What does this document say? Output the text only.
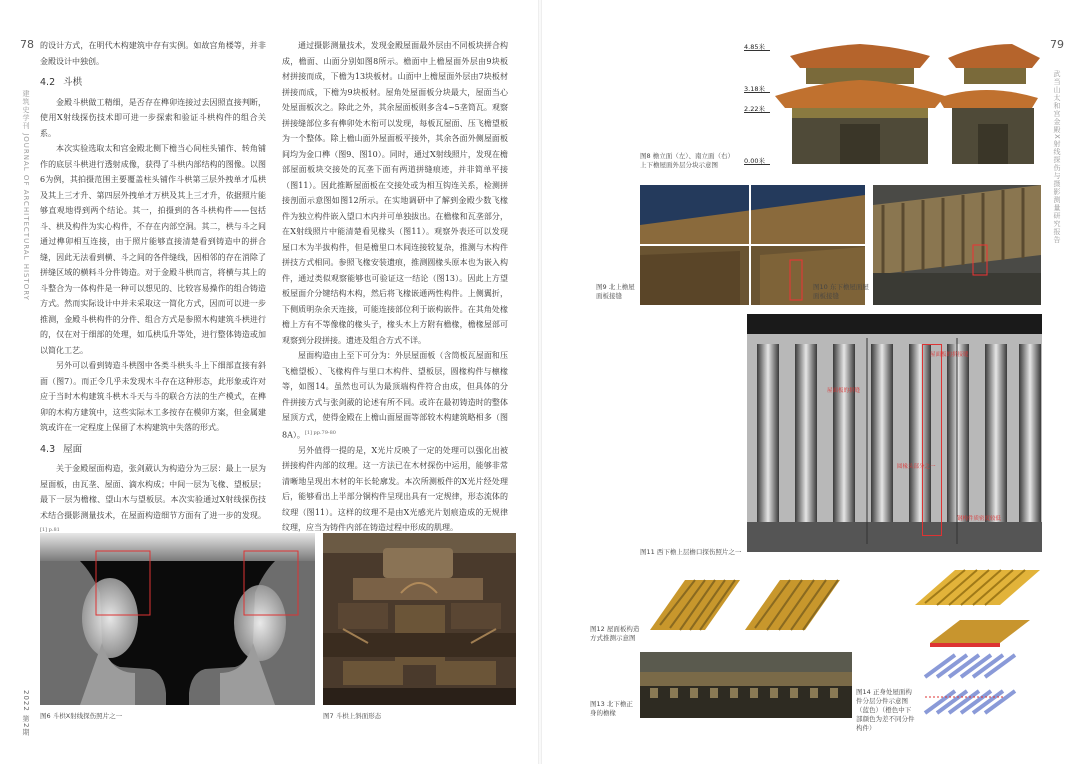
78
建筑史学刊 JOURNAL OF ARCHITECTURAL HISTORY
2022 第2期

的设计方式，在明代木构建筑中存有实例。如故宫角楼等，并非金殿设计中独创。

4.2 斗栱

金殿斗栱做工精细，是否存在榫卯连接过去因照直接判断，使用X射线探伤技术即可进一步探索和验证斗栱构件的组合关系。

本次实验选取太和宫金殿北侧下檐当心间柱头铺作、转角铺作的底层斗栱进行透射成像，获得了斗栱内部结构的图像。以图6为例，其拍摄范围主要覆盖柱头铺作斗栱第三层外拽单才瓜栱及其上三才升、第四层外拽单才万栱及其上三才升，依据照片能够直观地得到两个结论。其一，拍摄到的各斗栱构件——包括斗、栱及构件为实心构件，不存在内部空洞。其二，栱与斗之间通过榫卯相互连接，由于照片能够直接清楚看到铸造中的拼合缝，因此无法看到横、斗之间的各件缝线，因相邻的存在消除了拼缝区域的横料斗分件铸造。对于金殿斗栱而言，将横与其上的斗整合为一体构件是一种可以想见的、比较容易操作的组合铸造方式。然而实际设计中并未采取这一简化方式，因而可以进一步推测，金殿斗栱构件的分件、组合方式是参照木构建筑斗栱进行的，仅在对于细部的处理，如瓜栱瓜升等处，进行整体铸造或加以简化工艺。

另外可以看到铸造斗栱图中各类斗栱头斗上下细部直接有斜面（图7）。而正令几乎未发现木斗存在这种形态，此形象或许对应于当时木构建筑斗栱木斗天与斗的联合方法的生产模式，在榫卯的木构方建筑中，这些实际木工多按存在模卯方案，但金属建筑或许在一定程度上保留了木构建筑中失落的形式。

4.3 屋面

关于金殿屋面构造，张剑葳认为构造分为三层：最上一层为屋面板，由瓦垄、屋面、滴水构成；中间一层为飞椽、望板层；最下一层为檐椽、望山木与望板层。本次实验通过X射线探伤技术结合摄影测量技术，在屋面构造细节方面有了进一步的发现。$^{[1] p.81}$

通过摄影测量技术，发现金殿屋面最外层由不同板块拼合构成，檐面、山面分别如图8所示。檐面中上檐屋面外层由9块板材拼接而成，下檐为13块板材。山面中上檐屋面外层由7块板材拼接而成，下檐为9块板材。屋角处屋面板分块最大，屋面当心处屋面板次之。除此之外，其余屋面板则多含4~5垄筒瓦。观察拼接缝部位多有榫卯处木衔可以发现，每板瓦屋面、压飞檐望板为一个整体。除上檐山面外屋面板平接外，其余各面外侧屋面板间均为金口榫（图9、图10）。同时，通过X射线照片，发现在檐部屋面板块交接处的瓦垄下面有两道拼缝痕迹，并非简单平接（图11）。因此推断屋面板在交接处或为相互钩连关系，检测拼接剖面示意图如图12所示。在实地调研中了解到金殿少数飞椽件为独立构件嵌入望口木内并可单独拔出。在檐椽和瓦垄部分，在X射线照片中能清楚看见椽头（图11）。观察外表还可以发现屋口木为半拔构件，但是檐里口木间连接较复杂，推测与木构件拼技方式相同。参照飞椽安装遗痕，推测圆椽头原本也为嵌入构件，通过类似观察能够也可验证这一结论（图13）。因此上方望板屋面介分键结构木构，然后将飞椽嵌通两性构件。上侧翼折，下侧质明杂余天连接，可能连接部位利于嵌构嵌件。在其角处椽檐上方有不等像椽的椽头子，椽头木上方附有檐椽，檐椽屋部可观察到分段拼接。遗迹及组合方式不详。

屋面构造由上至下可分为：外层屋面板（含筒板瓦屋面和压飞檐望板）、飞椽构件与里口木构件、望板层，圆椽构件与檩椽等，如图14。虽然也可认为最顶端构件符合由成，但具体的分件拼接方式与张剑葳的论述有所不同。或许在最初铸造时的整体屋顶方式，使得金殿在上檐山面屋面等部较木构建筑略相多（图8A）。$^{[1] pp.79-80}$

另外值得一提的是，X光片反映了一定的处理可以强化出被拼接构件内部的纹理。这一方法已在木材探伤中运用，能够非常清晰地呈现出木材的年长轮廓发。本次所测板件的X光片经处理后，能够看出上半部分铜构件呈现出具有一定规律，形态流体的纹理（图11）。这样的纹理不是由X光感光片划痕造成的无规律纹理，应当为铸件内部在铸造过程中形成的肌理。

图6 斗栱X射线探伤照片之一	图7 斗栱上斜面形态
79
武当山太和宫金殿X射线探伤与摄影测量研究报告
4.85米
3.18米
2.22米
0.00米
图8 檐立面（左）、南立面（右）上下檐屋面外层分块示意图
图9 北上檐屋面板接缝
图10 东下檐屋面屋面板接缝
屋面板的拼接缝
屋面板的拼缝
圆椽头部分之一
钢构件质密度较低
图11 西下檐上层檐口探伤照片之一
图12 屋面板构造方式推测示意图
图13 北下檐正身的檐椽
图14 正身处屋面构件分层分件示意图（蓝色）（橙色中下部颜色为差不同分件构件）
